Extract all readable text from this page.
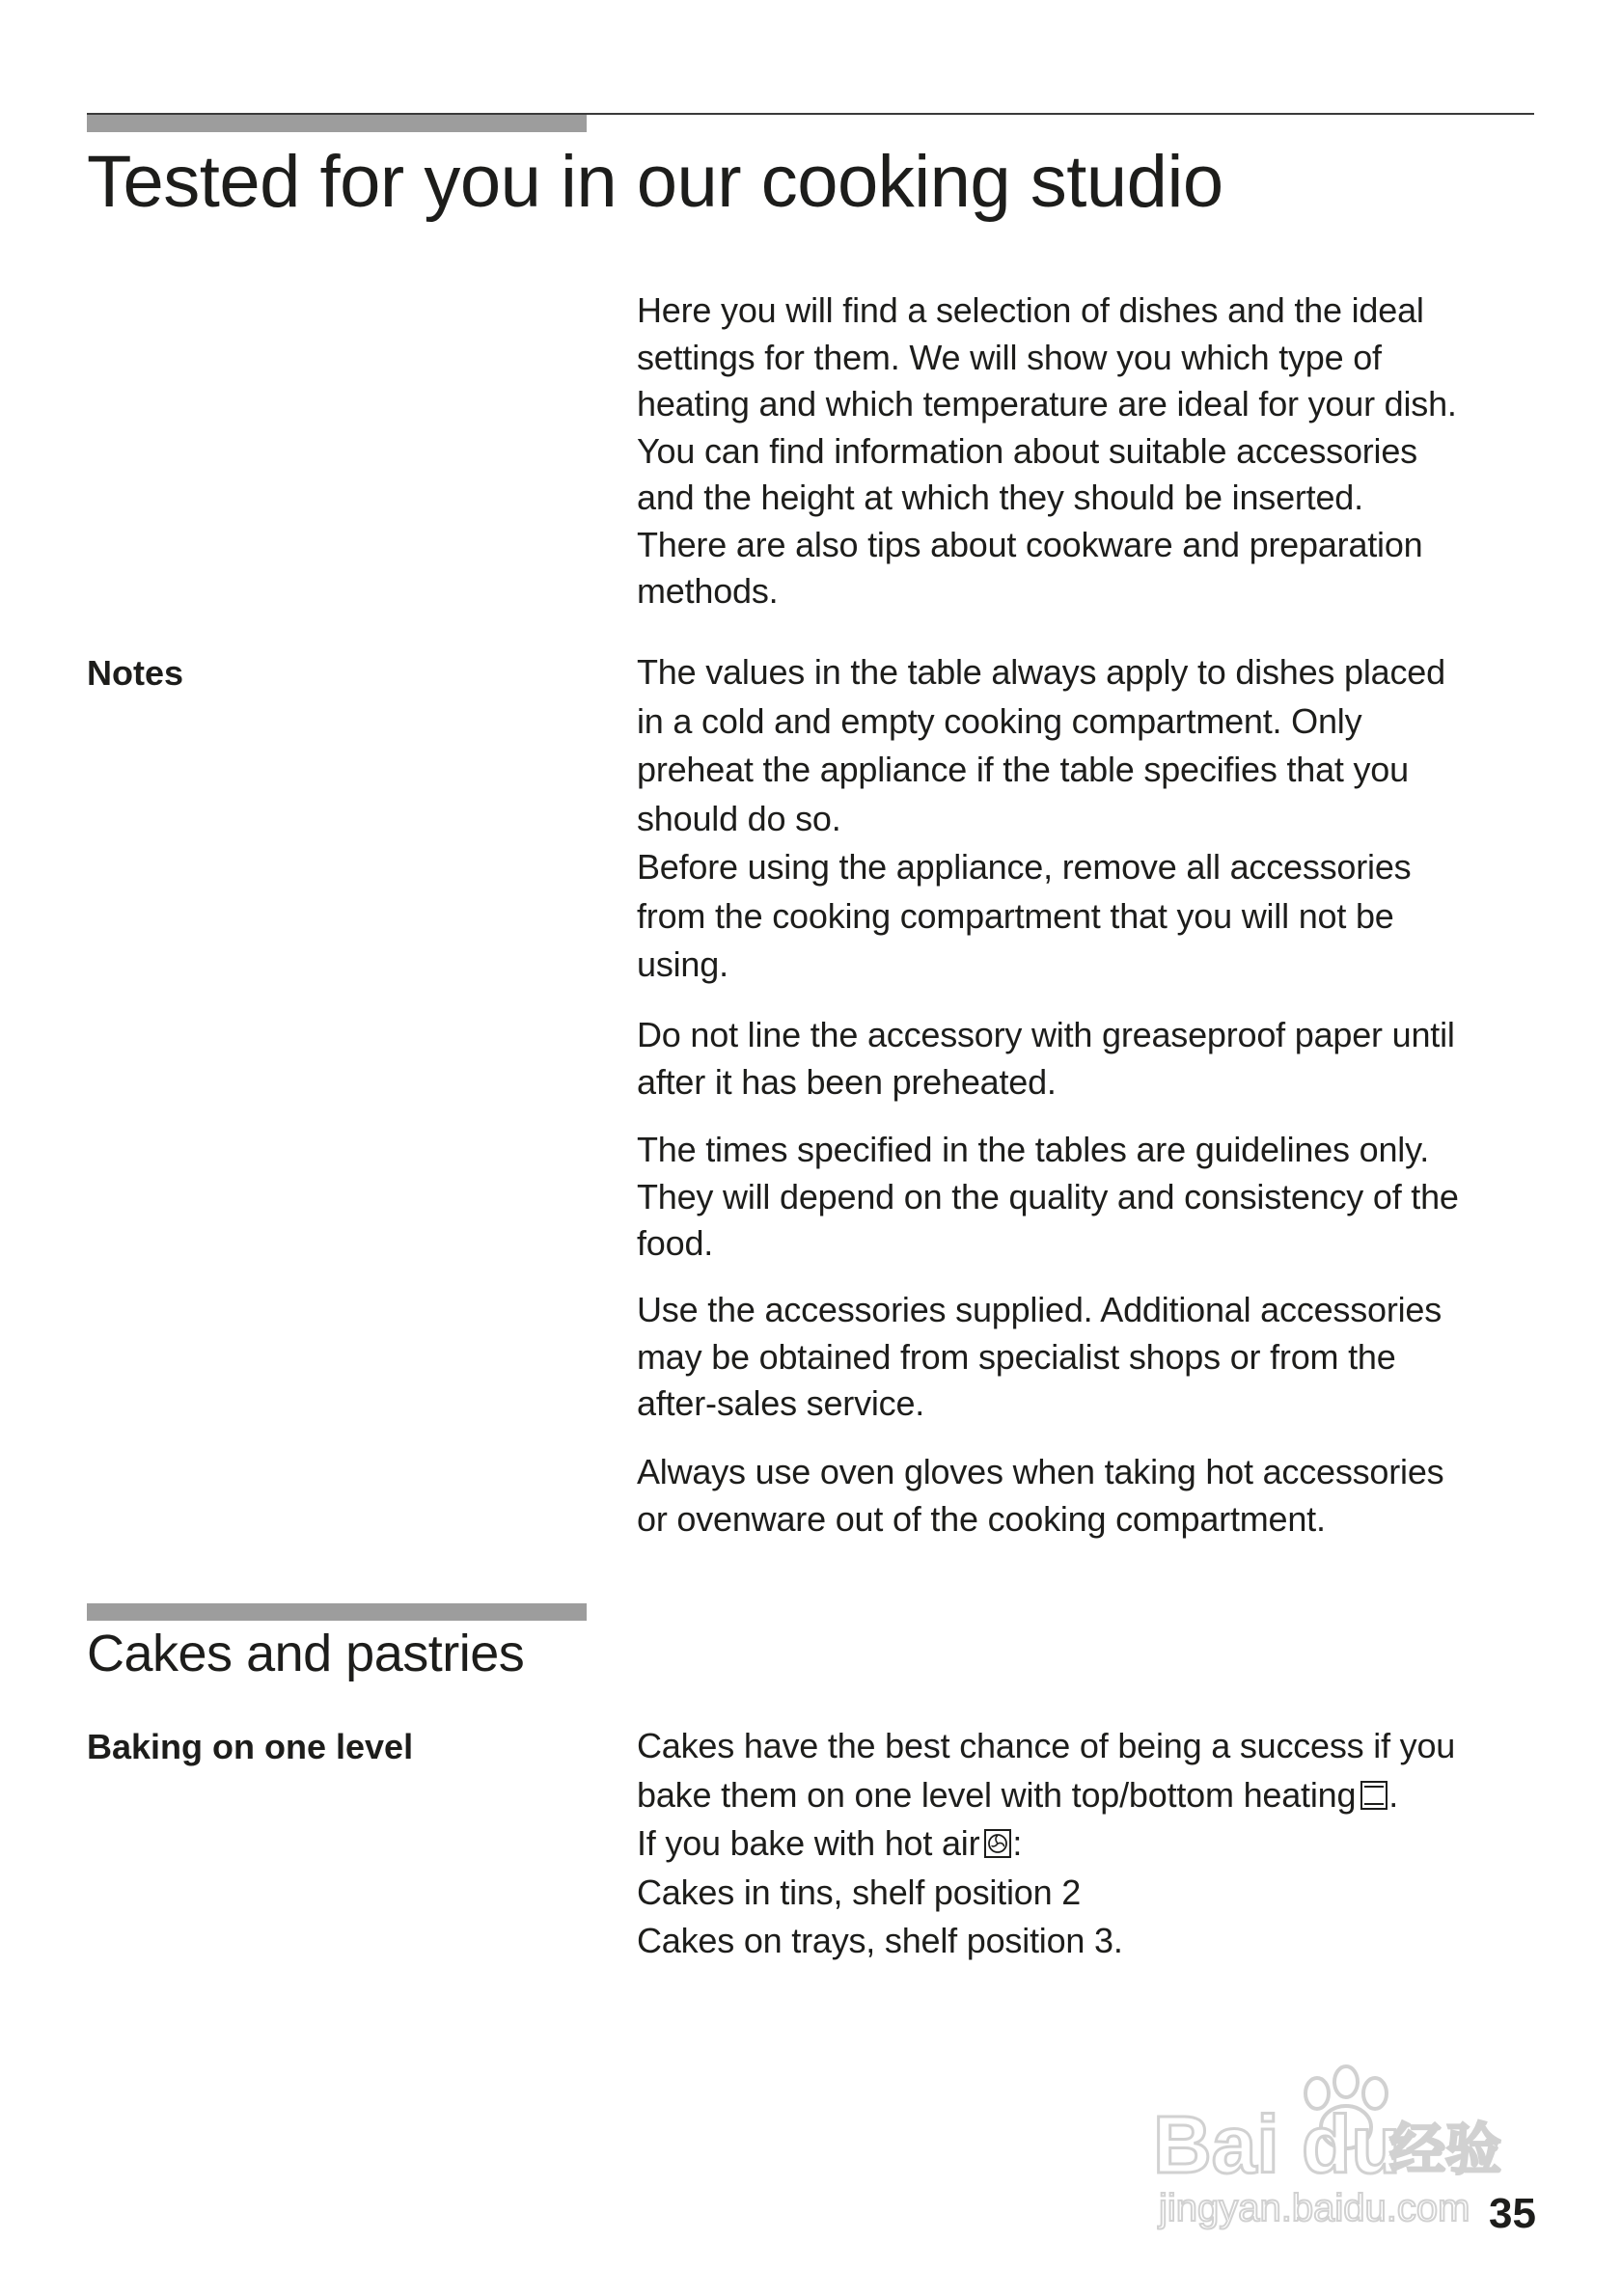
Tested for you in our cooking studio

Here you will find a selection of dishes and the ideal
settings for them. We will show you which type of
heating and which temperature are ideal for your dish.
You can find information about suitable accessories
and the height at which they should be inserted.
There are also tips about cookware and preparation
methods.

Notes	The values in the table always apply to dishes placed
in a cold and empty cooking compartment. Only
preheat the appliance if the table specifies that you
should do so.
Before using the appliance, remove all accessories
from the cooking compartment that you will not be
using.

Do not line the accessory with greaseproof paper until
after it has been preheated.

The times specified in the tables are guidelines only.
They will depend on the quality and consistency of the
food.

Use the accessories supplied. Additional accessories
may be obtained from specialist shops or from the
after-sales service.

Always use oven gloves when taking hot accessories
or ovenware out of the cooking compartment.

Cakes and pastries
Baking on one level	Cakes have the best chance of being a success if you
bake them on one level with top/bottom heating .
If you bake with hot air :
Cakes in tins, shelf position 2
Cakes on trays, shelf position 3.

Bai du
经验
jingyan.baidu.com 35
